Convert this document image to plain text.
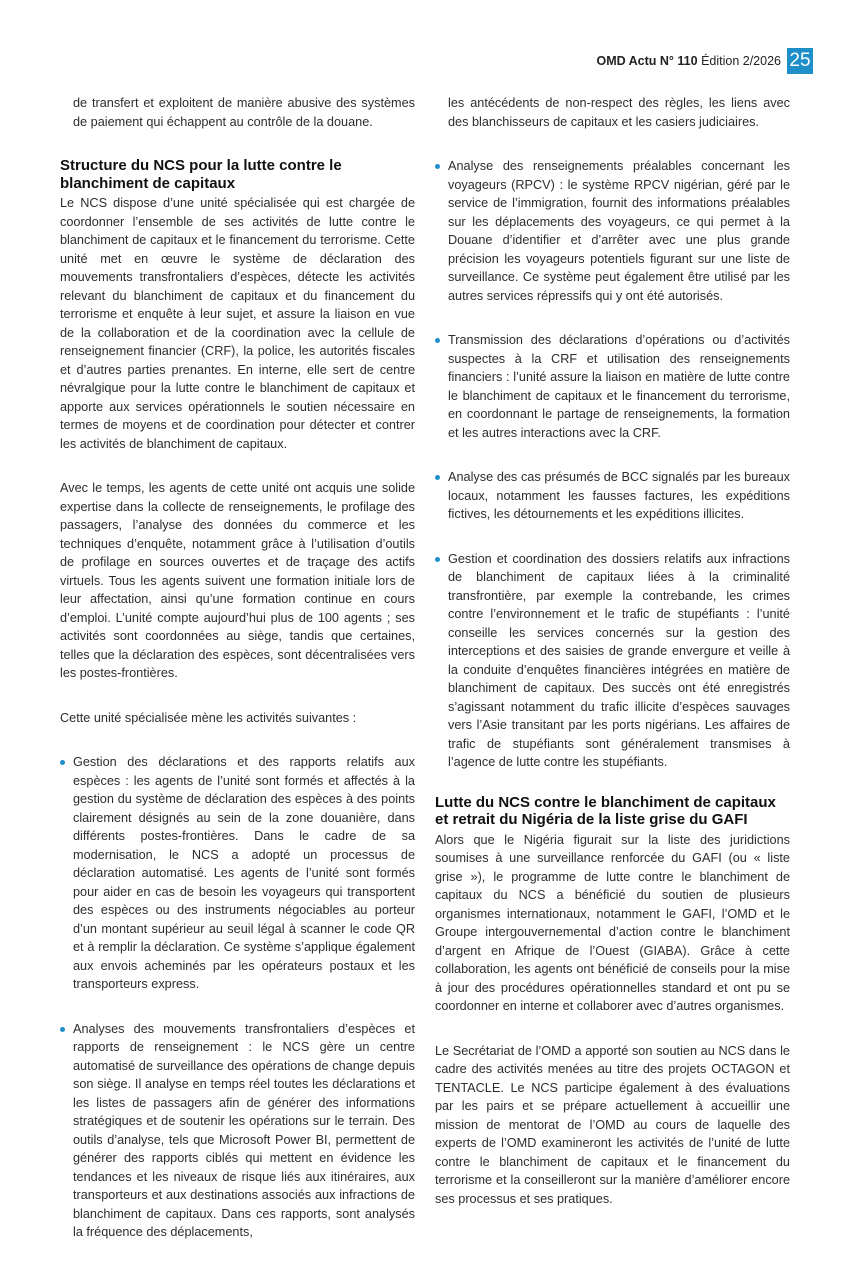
OMD Actu N° 110 Édition 2/2026 25

de transfert et exploitent de manière abusive des systèmes de paiement qui échappent au contrôle de la douane.

Structure du NCS pour la lutte contre le blanchiment de capitaux

Le NCS dispose d’une unité spécialisée qui est chargée de coordonner l’ensemble de ses activités de lutte contre le blanchiment de capitaux et le financement du terrorisme. Cette unité met en œuvre le système de déclaration des mouvements transfrontaliers d’espèces, détecte les activités relevant du blanchiment de capitaux et du financement du terrorisme et enquête à leur sujet, et assure la liaison en vue de la collaboration et de la coordination avec la cellule de renseignement financier (CRF), la police, les autorités fiscales et d’autres parties prenantes. En interne, elle sert de centre névralgique pour la lutte contre le blanchiment de capitaux et apporte aux services opérationnels le soutien nécessaire en termes de moyens et de coordination pour détecter et contrer les activités de blanchiment de capitaux.

Avec le temps, les agents de cette unité ont acquis une solide expertise dans la collecte de renseignements, le profilage des passagers, l’analyse des données du commerce et les techniques d’enquête, notamment grâce à l’utilisation d’outils de profilage en sources ouvertes et de traçage des actifs virtuels. Tous les agents suivent une formation initiale lors de leur affectation, ainsi qu’une formation continue en cours d’emploi. L’unité compte aujourd’hui plus de 100 agents ; ses activités sont coordonnées au siège, tandis que certaines, telles que la déclaration des espèces, sont décentralisées vers les postes-frontières.

Cette unité spécialisée mène les activités suivantes :

Gestion des déclarations et des rapports relatifs aux espèces : les agents de l’unité sont formés et affectés à la gestion du système de déclaration des espèces à des points clairement désignés au sein de la zone douanière, dans différents postes-frontières. Dans le cadre de sa modernisation, le NCS a adopté un processus de déclaration automatisé. Les agents de l’unité sont formés pour aider en cas de besoin les voyageurs qui transportent des espèces ou des instruments négociables au porteur d’un montant supérieur au seuil légal à scanner le code QR et à remplir la déclaration. Ce système s’applique également aux envois acheminés par les opérateurs postaux et les transporteurs express.

Analyses des mouvements transfrontaliers d’espèces et rapports de renseignement : le NCS gère un centre automatisé de surveillance des opérations de change depuis son siège. Il analyse en temps réel toutes les déclarations et les listes de passagers afin de générer des informations stratégiques et de soutenir les opérations sur le terrain. Des outils d’analyse, tels que Microsoft Power BI, permettent de générer des rapports ciblés qui mettent en évidence les tendances et les niveaux de risque liés aux itinéraires, aux transporteurs et aux destinations associés aux infractions de blanchiment de capitaux. Dans ces rapports, sont analysés la fréquence des déplacements,

les antécédents de non-respect des règles, les liens avec des blanchisseurs de capitaux et les casiers judiciaires.

Analyse des renseignements préalables concernant les voyageurs (RPCV) : le système RPCV nigérian, géré par le service de l’immigration, fournit des informations préalables sur les déplacements des voyageurs, ce qui permet à la Douane d’identifier et d’arrêter avec une plus grande précision les voyageurs potentiels figurant sur une liste de surveillance. Ce système peut également être utilisé par les autres services répressifs qui y ont été autorisés.

Transmission des déclarations d’opérations ou d’activités suspectes à la CRF et utilisation des renseignements financiers : l’unité assure la liaison en matière de lutte contre le blanchiment de capitaux et le financement du terrorisme, en coordonnant le partage de renseignements, la formation et les autres interactions avec la CRF.

Analyse des cas présumés de BCC signalés par les bureaux locaux, notamment les fausses factures, les expéditions fictives, les détournements et les expéditions illicites.

Gestion et coordination des dossiers relatifs aux infractions de blanchiment de capitaux liées à la criminalité transfrontière, par exemple la contrebande, les crimes contre l’environnement et le trafic de stupéfiants : l’unité conseille les services concernés sur la gestion des interceptions et des saisies de grande envergure et veille à la conduite d’enquêtes financières intégrées en matière de blanchiment de capitaux. Des succès ont été enregistrés s’agissant notamment du trafic illicite d’espèces sauvages vers l’Asie transitant par les ports nigérians. Les affaires de trafic de stupéfiants sont généralement transmises à l’agence de lutte contre les stupéfiants.

Lutte du NCS contre le blanchiment de capitaux et retrait du Nigéria de la liste grise du GAFI

Alors que le Nigéria figurait sur la liste des juridictions soumises à une surveillance renforcée du GAFI (ou « liste grise »), le programme de lutte contre le blanchiment de capitaux du NCS a bénéficié du soutien de plusieurs organismes internationaux, notamment le GAFI, l’OMD et le Groupe intergouvernemental d’action contre le blanchiment d’argent en Afrique de l’Ouest (GIABA). Grâce à cette collaboration, les agents ont bénéficié de conseils pour la mise à jour des procédures opérationnelles standard et ont pu se coordonner en interne et collaborer avec d’autres organismes.

Le Secrétariat de l’OMD a apporté son soutien au NCS dans le cadre des activités menées au titre des projets OCTAGON et TENTACLE. Le NCS participe également à des évaluations par les pairs et se prépare actuellement à accueillir une mission de mentorat de l’OMD au cours de laquelle des experts de l’OMD examineront les activités de l’unité de lutte contre le blanchiment de capitaux et le financement du terrorisme et la conseilleront sur la manière d’améliorer encore ses processus et ses pratiques.
